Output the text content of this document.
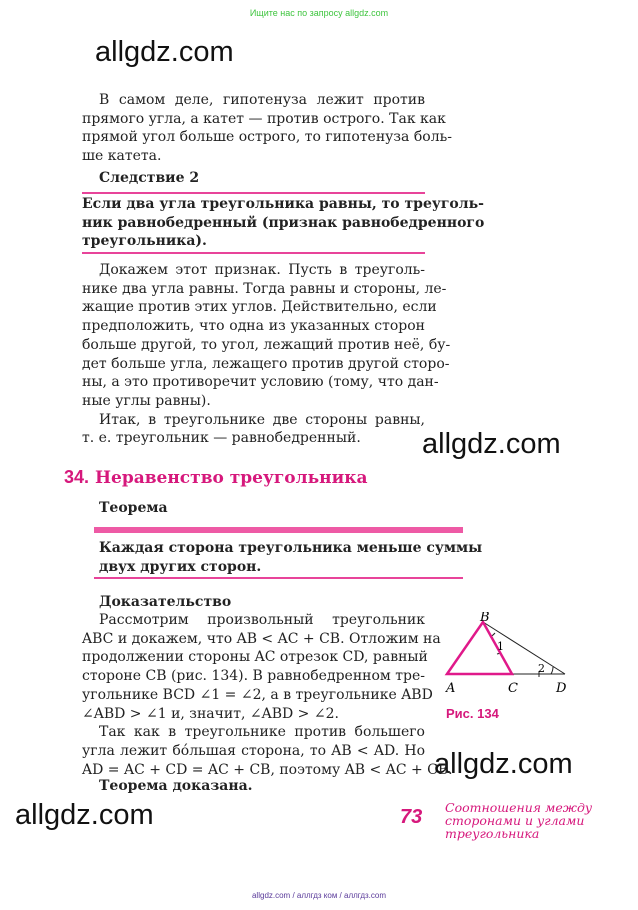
Ищите нас по запросу allgdz.com
allgdz.com
allgdz.com
allgdz.com
allgdz.com
В самом деле, гипотенуза лежит против
прямого угла, а катет — против острого. Так как
прямой угол больше острого, то гипотенуза боль-
ше катета.
Следствие 2
Если два угла треугольника равны, то треуголь-
ник равнобедренный (признак равнобедренного
треугольника).
Докажем этот признак. Пусть в треуголь-
нике два угла равны. Тогда равны и стороны, ле-
жащие против этих углов. Действительно, если
предположить, что одна из указанных сторон
больше другой, то угол, лежащий против неё, бу-
дет больше угла, лежащего против другой сторо-
ны, а это противоречит условию (тому, что дан-
ные углы равны).
Итак, в треугольнике две стороны равны,
т. е. треугольник — равнобедренный.
34. Неравенство треугольника
Теорема
Каждая сторона треугольника меньше суммы
двух других сторон.
Доказательство
Рассмотрим произвольный треугольник
ABC и докажем, что AB < AC + CB. Отложим на
продолжении стороны AC отрезок CD, равный
стороне CB (рис. 134). В равнобедренном тре-
угольнике BCD ∠1 = ∠2, а в треугольнике ABD
∠ABD > ∠1 и, значит, ∠ABD > ∠2.
Так как в треугольнике против большего
угла лежит бóльшая сторона, то AB < AD. Но
AD = AC + CD = AC + CB, поэтому AB < AC + CB.
Теорема доказана.
B
A	C	D
1
2
Рис. 134
73 Соотношения между
сторонами и углами
треугольника
allgdz.com / аллгдз ком / аллгдз.com
